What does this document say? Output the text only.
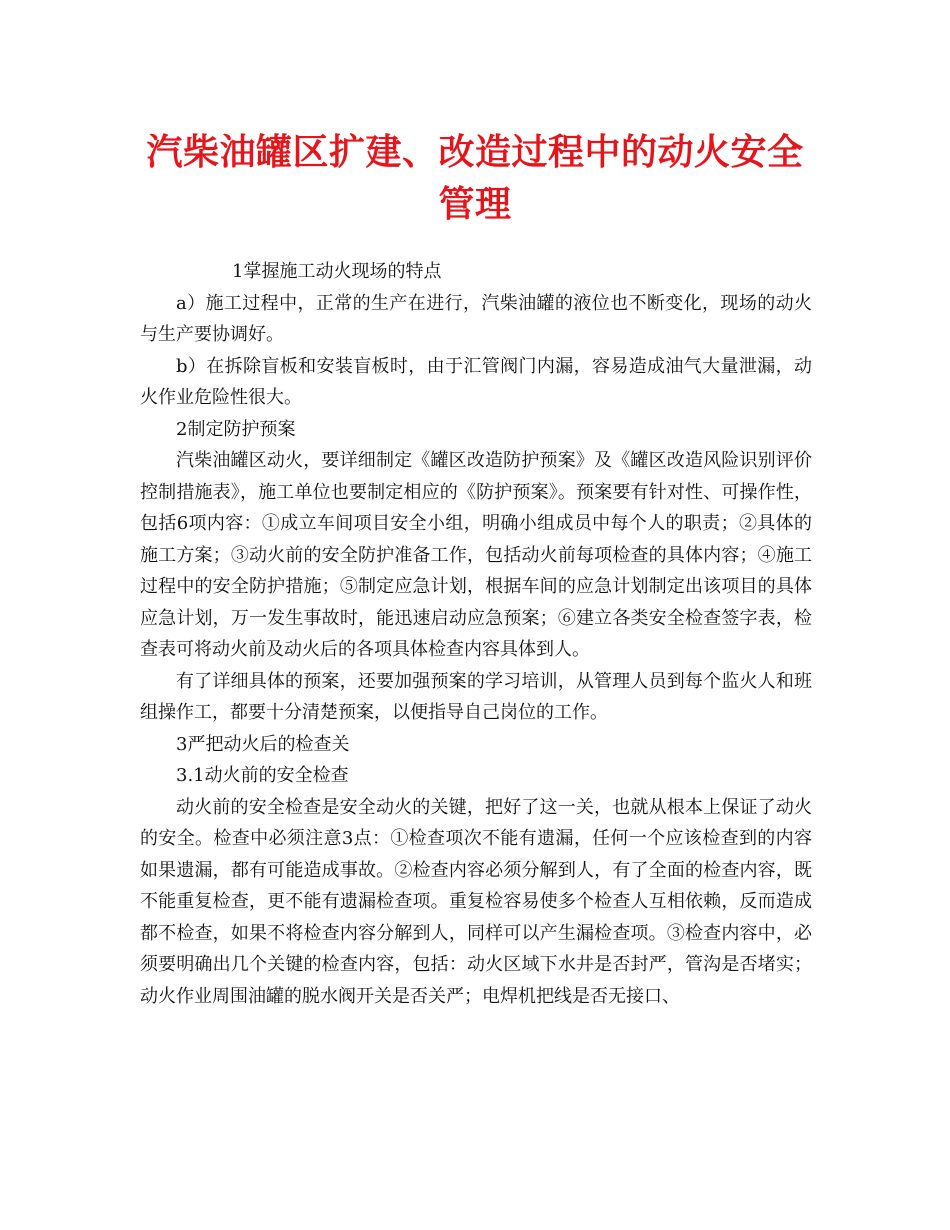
汽柴油罐区扩建、改造过程中的动火安全管理

1掌握施工动火现场的特点

a）施工过程中，正常的生产在进行，汽柴油罐的液位也不断变化，现场的动火与生产要协调好。

b）在拆除盲板和安装盲板时，由于汇管阀门内漏，容易造成油气大量泄漏，动火作业危险性很大。

2制定防护预案

汽柴油罐区动火，要详细制定《罐区改造防护预案》及《罐区改造风险识别评价控制措施表》，施工单位也要制定相应的《防护预案》。预案要有针对性、可操作性，包括6项内容：①成立车间项目安全小组，明确小组成员中每个人的职责；②具体的施工方案；③动火前的安全防护准备工作，包括动火前每项检查的具体内容；④施工过程中的安全防护措施；⑤制定应急计划，根据车间的应急计划制定出该项目的具体应急计划，万一发生事故时，能迅速启动应急预案；⑥建立各类安全检查签字表，检查表可将动火前及动火后的各项具体检查内容具体到人。

有了详细具体的预案，还要加强预案的学习培训，从管理人员到每个监火人和班组操作工，都要十分清楚预案，以便指导自己岗位的工作。

3严把动火后的检查关

3.1动火前的安全检查

动火前的安全检查是安全动火的关键，把好了这一关，也就从根本上保证了动火的安全。检查中必须注意3点：①检查项次不能有遗漏，任何一个应该检查到的内容如果遗漏，都有可能造成事故。②检查内容必须分解到人，有了全面的检查内容，既不能重复检查，更不能有遗漏检查项。重复检容易使多个检查人互相依赖，反而造成都不检查，如果不将检查内容分解到人，同样可以产生漏检查项。③检查内容中，必须要明确出几个关键的检查内容，包括：动火区域下水井是否封严，管沟是否堵实；动火作业周围油罐的脱水阀开关是否关严；电焊机把线是否无接口、
